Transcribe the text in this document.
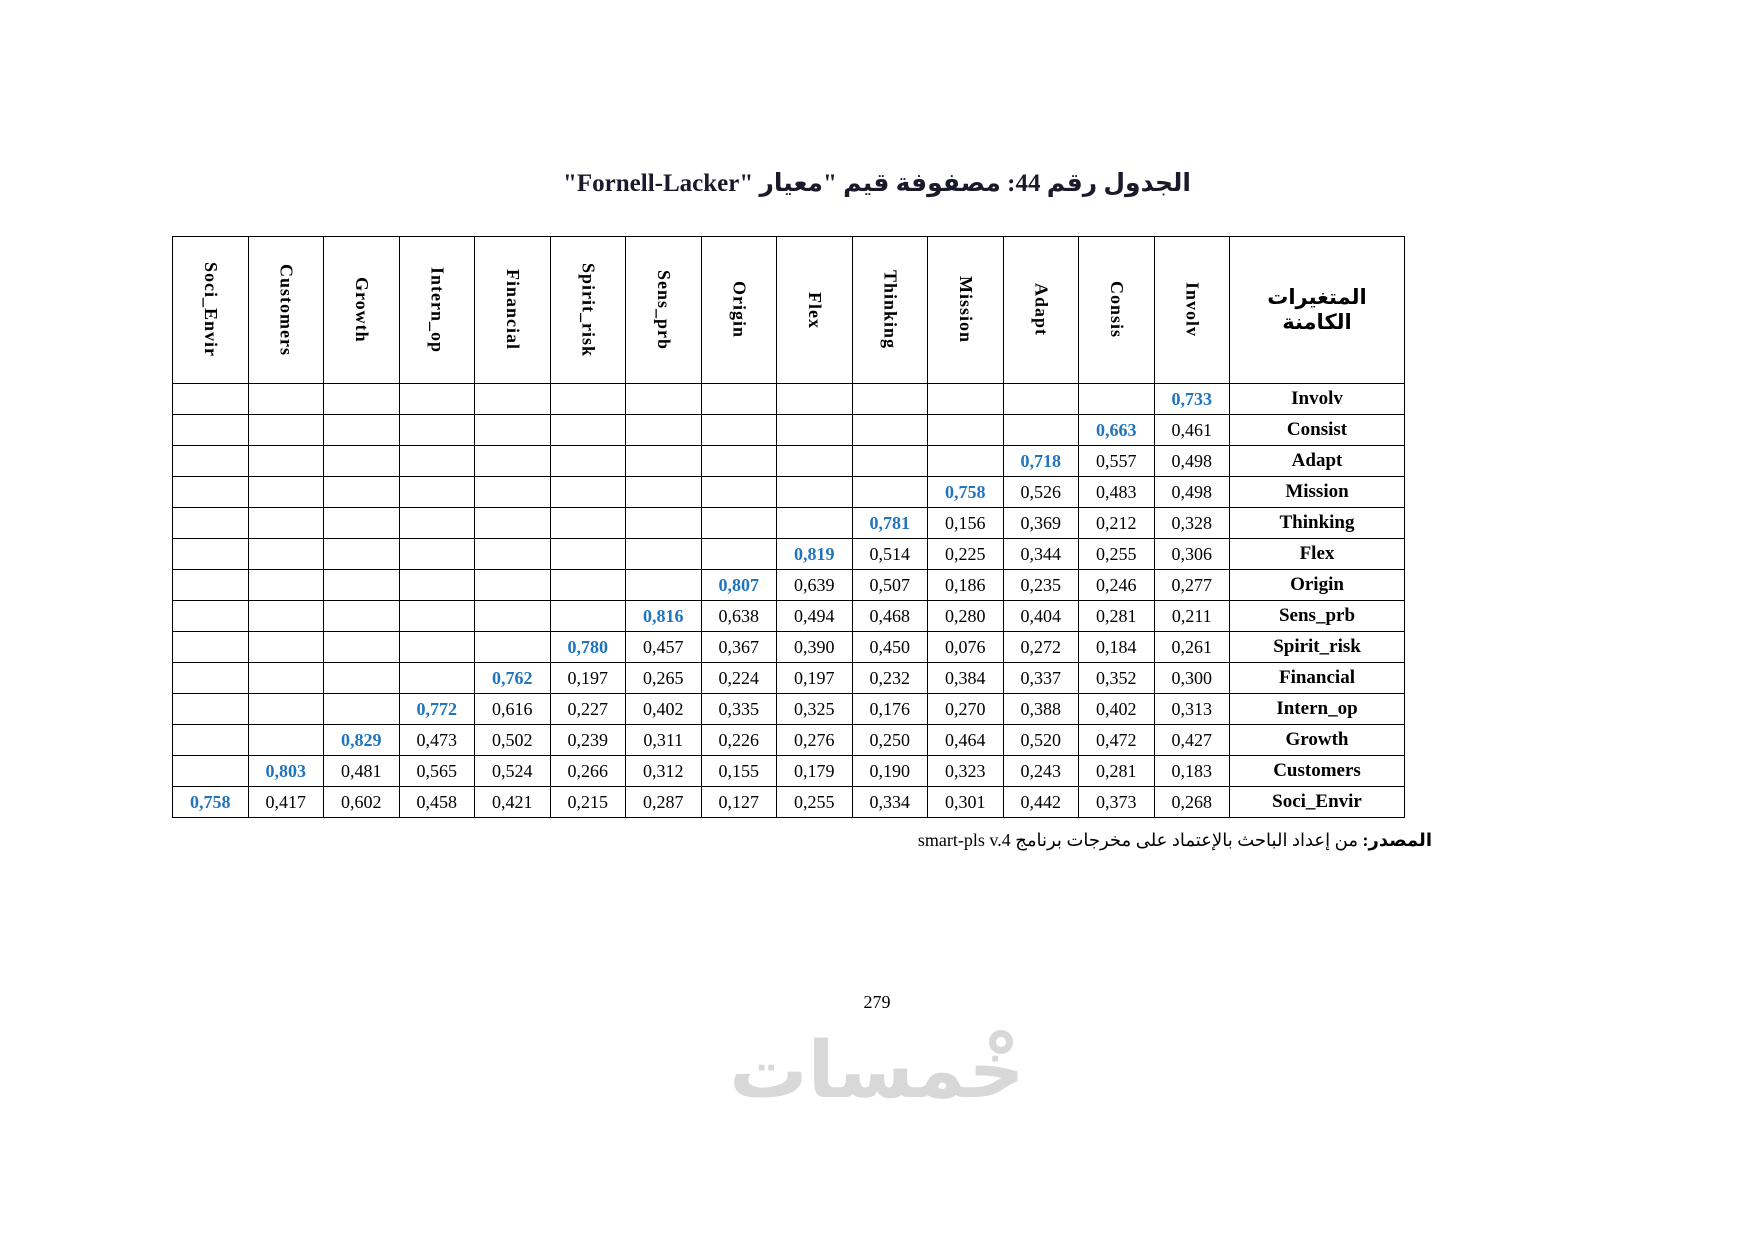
الجدول رقم 44: مصفوفة قيم "معيار "Fornell-Lacker"
المتغيرات الكامنة	Involv	Consis	Adapt	Mission	Thinking	Flex	Origin	Sens_prb	Spirit_risk	Financial	Intern_op	Growth	Customers	Soci_Envir
Involv	0,733													
Consist	0,461	0,663												
Adapt	0,498	0,557	0,718											
Mission	0,498	0,483	0,526	0,758										
Thinking	0,328	0,212	0,369	0,156	0,781									
Flex	0,306	0,255	0,344	0,225	0,514	0,819								
Origin	0,277	0,246	0,235	0,186	0,507	0,639	0,807							
Sens_prb	0,211	0,281	0,404	0,280	0,468	0,494	0,638	0,816						
Spirit_risk	0,261	0,184	0,272	0,076	0,450	0,390	0,367	0,457	0,780					
Financial	0,300	0,352	0,337	0,384	0,232	0,197	0,224	0,265	0,197	0,762				
Intern_op	0,313	0,402	0,388	0,270	0,176	0,325	0,335	0,402	0,227	0,616	0,772			
Growth	0,427	0,472	0,520	0,464	0,250	0,276	0,226	0,311	0,239	0,502	0,473	0,829		
Customers	0,183	0,281	0,243	0,323	0,190	0,179	0,155	0,312	0,266	0,524	0,565	0,481	0,803	
Soci_Envir	0,268	0,373	0,442	0,301	0,334	0,255	0,127	0,287	0,215	0,421	0,458	0,602	0,417	0,758
المصدر: من إعداد الباحث بالإعتماد على مخرجات برنامج smart-pls v.4
279
خمسات
